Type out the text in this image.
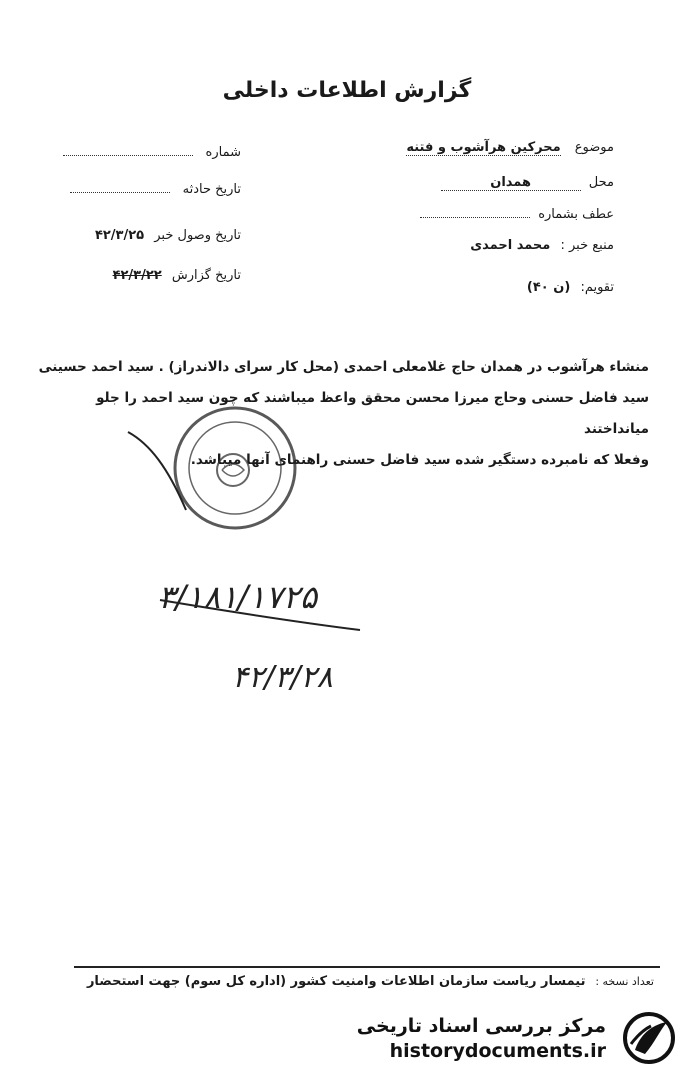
گزارش اطلاعات داخلی
موضوع محرکین هرآشوب و فتنه
محل همدان
عطف بشماره
منبع خبر : محمد احمدی
تقویم: (ن ۴۰)
شماره
تاریخ حادثه
تاریخ وصول خبر ۴۲/۳/۲۵
تاریخ گزارش ۴۲/۳/۲۲
منشاء هرآشوب در همدان حاج غلامعلی احمدی (محل کار سرای دالاندراز) . سید احمد حسینی
سید فاضل حسنی وحاج میرزا محسن محقق واعظ میباشند که چون سید احمد را جلو میانداختند
وفعلا که نامبرده دستگیر شده سید فاضل حسنی راهنمای آنها میباشد.
۳/۱۸۱/۱۷۲۵
۴۲/۳/۲۸
تعداد نسخه : تیمسار ریاست سازمان اطلاعات وامنیت کشور (اداره کل سوم) جهت استحضار
مرکز بررسی اسناد تاریخی
historydocuments.ir
